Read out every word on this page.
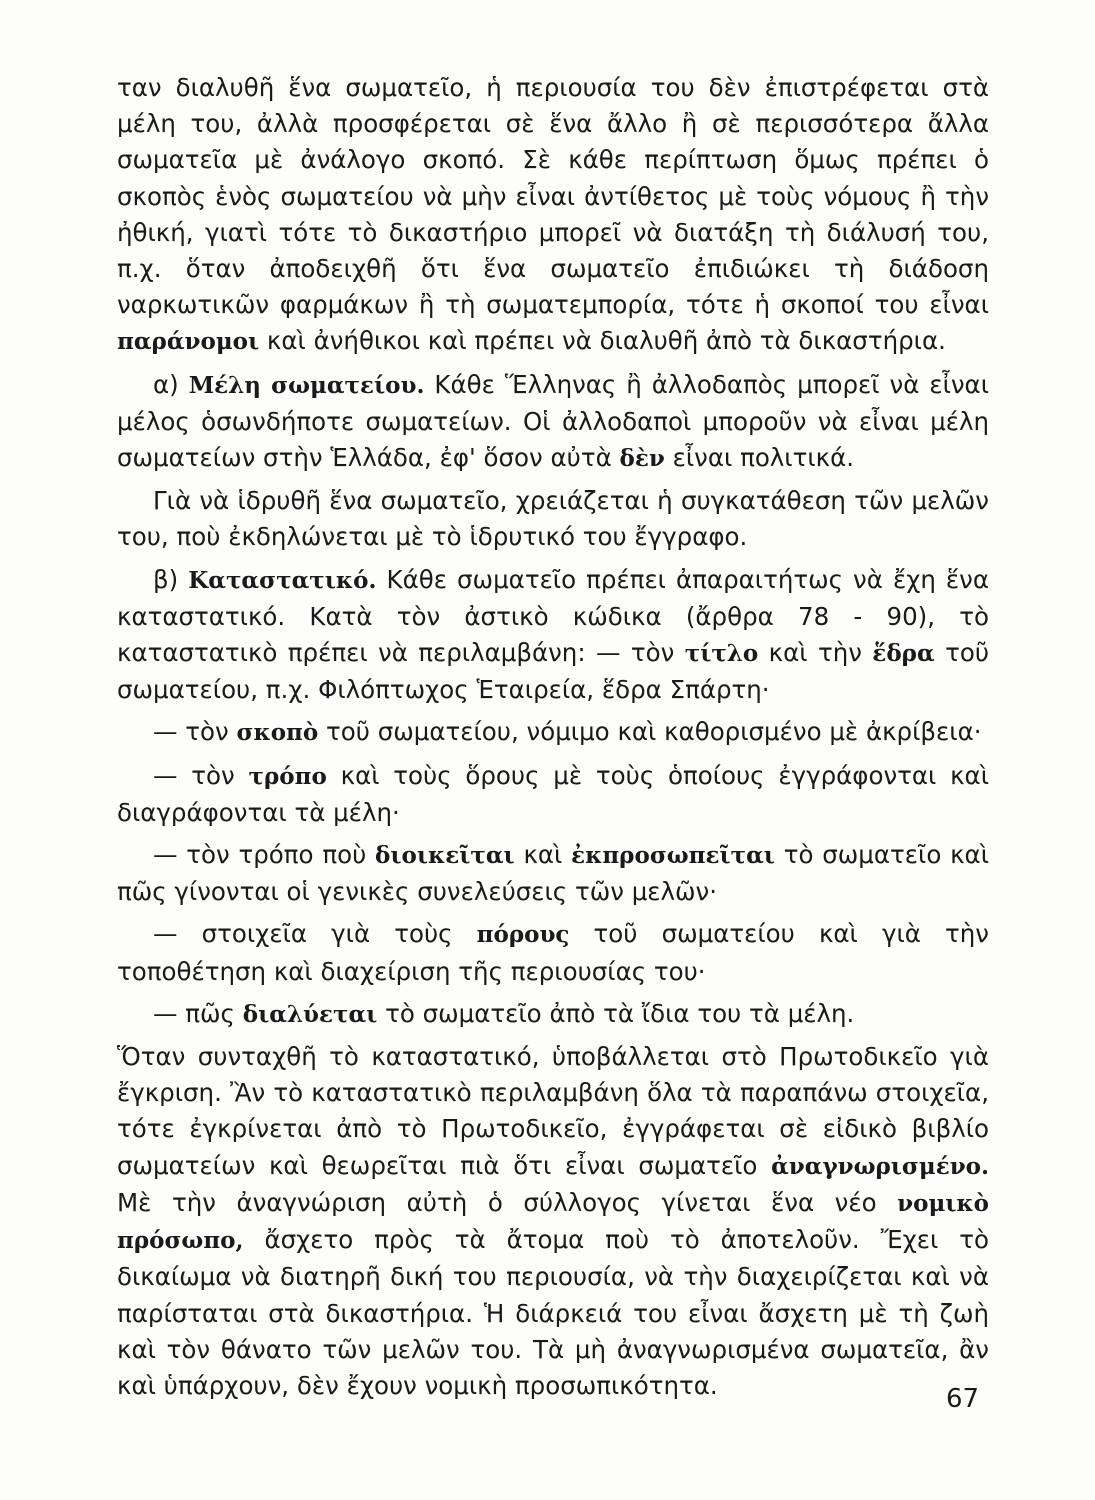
ταν διαλυθῆ ἕνα σωματεῖο, ἡ περιουσία του δὲν ἐπιστρέφεται στὰ μέλη του, ἀλλὰ προσφέρεται σὲ ἕνα ἄλλο ἢ σὲ περισσότερα ἄλλα σωματεῖα μὲ ἀνάλογο σκοπό. Σὲ κάθε περίπτωση ὅμως πρέπει ὁ σκοπὸς ἑνὸς σωματείου νὰ μὴν εἶναι ἀντίθετος μὲ τοὺς νόμους ἢ τὴν ἠθική, γιατὶ τότε τὸ δικαστήριο μπορεῖ νὰ διατάξη τὴ διάλυσή του, π.χ. ὅταν ἀποδειχθῆ ὅτι ἕνα σωματεῖο ἐπιδιώκει τὴ διάδοση ναρκωτικῶν φαρμάκων ἢ τὴ σωματεμπορία, τότε ἡ σκοποί του εἶναι παράνομοι καὶ ἀνήθικοι καὶ πρέπει νὰ διαλυθῆ ἀπὸ τὰ δικαστήρια.

α) Μέλη σωματείου. Κάθε Ἕλληνας ἢ ἀλλοδαπὸς μπορεῖ νὰ εἶναι μέλος ὁσωνδήποτε σωματείων. Οἱ ἀλλοδαποὶ μποροῦν νὰ εἶναι μέλη σωματείων στὴν Ἑλλάδα, ἐφ' ὅσον αὐτὰ δὲν εἶναι πολιτικά.

Γιὰ νὰ ἱδρυθῆ ἕνα σωματεῖο, χρειάζεται ἡ συγκατάθεση τῶν μελῶν του, ποὺ ἐκδηλώνεται μὲ τὸ ἱδρυτικό του ἔγγραφο.

β) Καταστατικό. Κάθε σωματεῖο πρέπει ἀπαραιτήτως νὰ ἔχη ἕνα καταστατικό. Κατὰ τὸν ἀστικὸ κώδικα (ἄρθρα 78 - 90), τὸ καταστατικὸ πρέπει νὰ περιλαμβάνη: — τὸν τίτλο καὶ τὴν ἕδρα τοῦ σωματείου, π.χ. Φιλόπτωχος Ἑταιρεία, ἕδρα Σπάρτη·

— τὸν σκοπὸ τοῦ σωματείου, νόμιμο καὶ καθορισμένο μὲ ἀκρίβεια·

— τὸν τρόπο καὶ τοὺς ὅρους μὲ τοὺς ὁποίους ἐγγράφονται καὶ διαγράφονται τὰ μέλη·

— τὸν τρόπο ποὺ διοικεῖται καὶ ἐκπροσωπεῖται τὸ σωματεῖο καὶ πῶς γίνονται οἱ γενικὲς συνελεύσεις τῶν μελῶν·

— στοιχεῖα γιὰ τοὺς πόρους τοῦ σωματείου καὶ γιὰ τὴν τοποθέτηση καὶ διαχείριση τῆς περιουσίας του·

— πῶς διαλύεται τὸ σωματεῖο ἀπὸ τὰ ἴδια του τὰ μέλη.

Ὅταν συνταχθῆ τὸ καταστατικό, ὑποβάλλεται στὸ Πρωτοδικεῖο γιὰ ἔγκριση. Ἂν τὸ καταστατικὸ περιλαμβάνη ὅλα τὰ παραπάνω στοιχεῖα, τότε ἐγκρίνεται ἀπὸ τὸ Πρωτοδικεῖο, ἐγγράφεται σὲ εἰδικὸ βιβλίο σωματείων καὶ θεωρεῖται πιὰ ὅτι εἶναι σωματεῖο ἀναγνωρισμένο. Μὲ τὴν ἀναγνώριση αὐτὴ ὁ σύλλογος γίνεται ἕνα νέο νομικὸ πρόσωπο, ἄσχετο πρὸς τὰ ἄτομα ποὺ τὸ ἀποτελοῦν. Ἔχει τὸ δικαίωμα νὰ διατηρῆ δική του περιουσία, νὰ τὴν διαχειρίζεται καὶ νὰ παρίσταται στὰ δικαστήρια. Ἡ διάρκειά του εἶναι ἄσχετη μὲ τὴ ζωὴ καὶ τὸν θάνατο τῶν μελῶν του. Τὰ μὴ ἀναγνωρισμένα σωματεῖα, ἂν καὶ ὑπάρχουν, δὲν ἔχουν νομικὴ προσωπικότητα.	67
